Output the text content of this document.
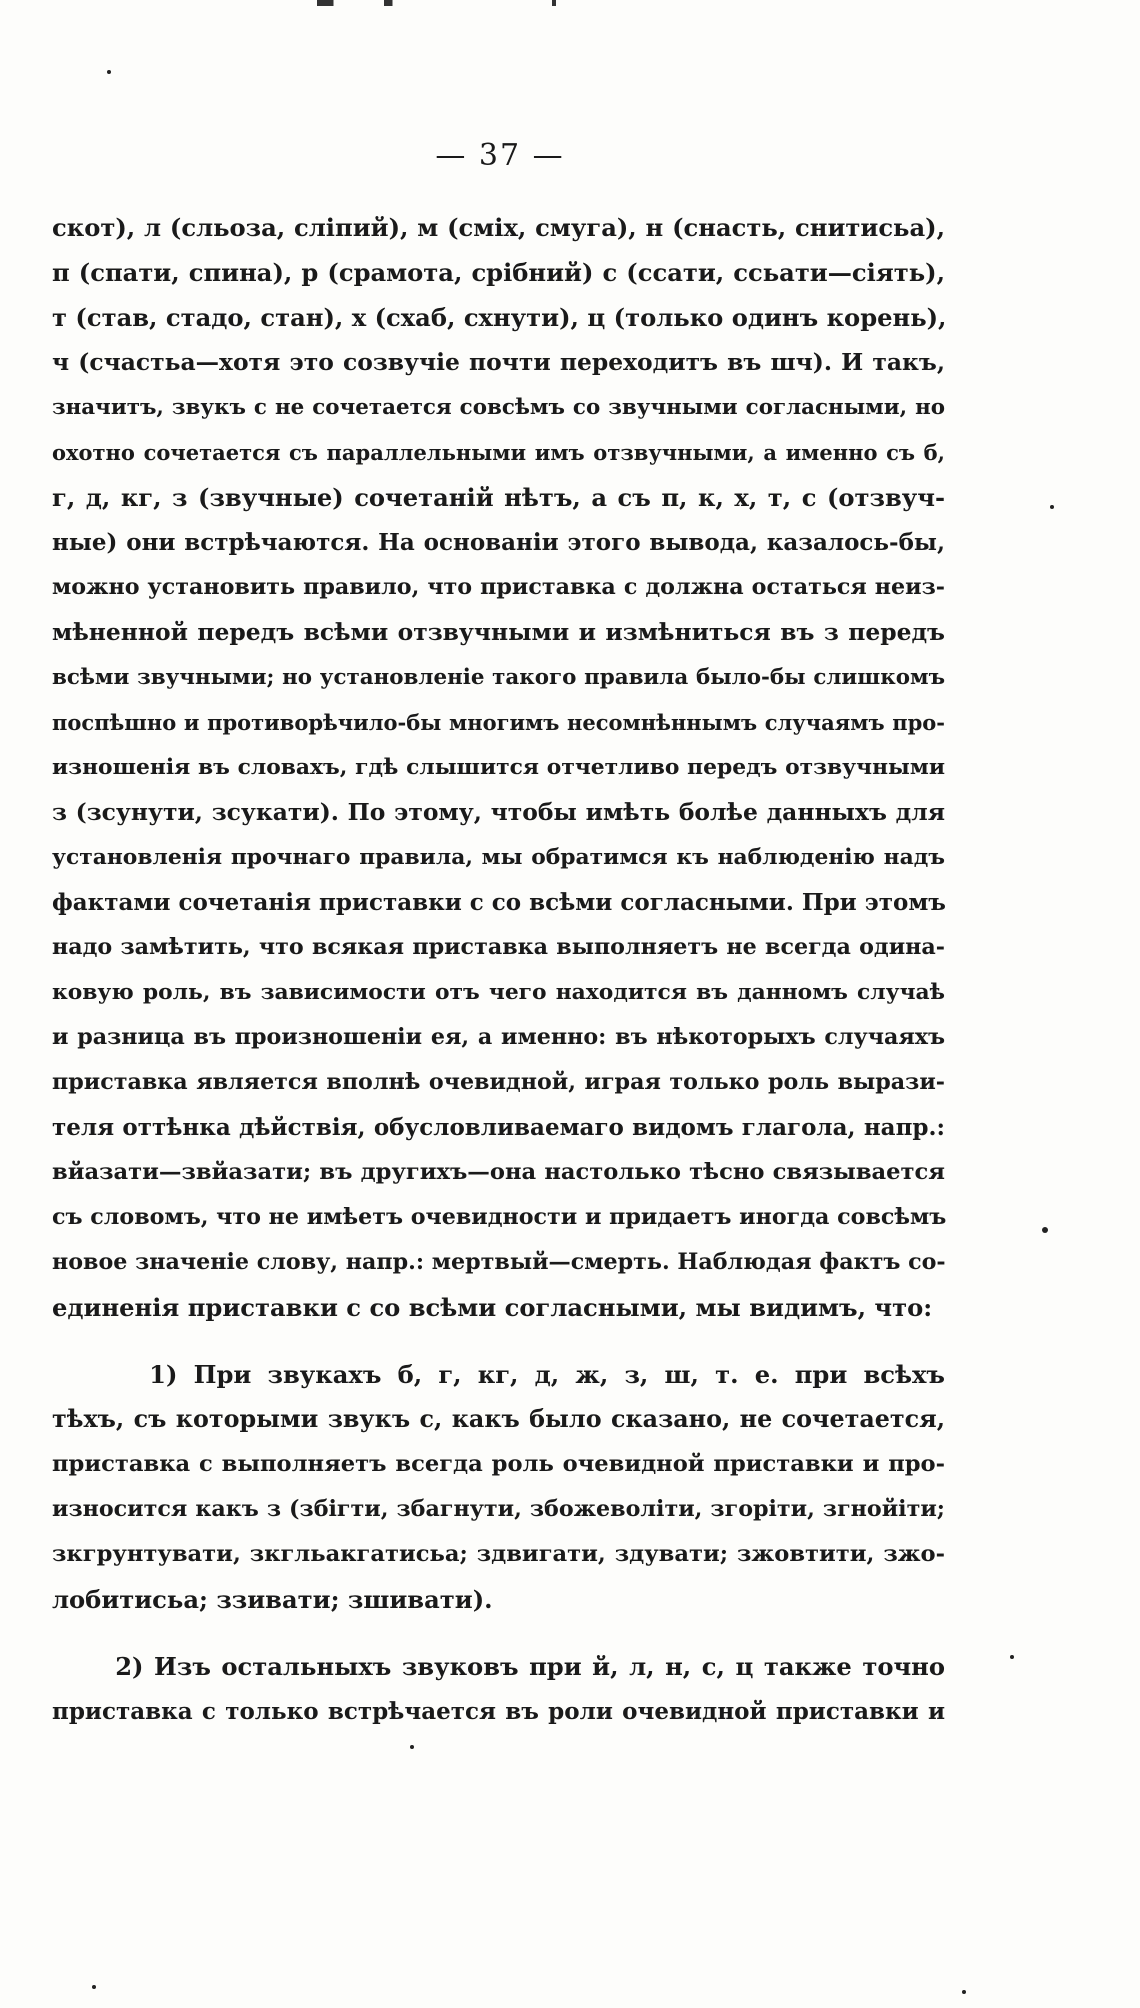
— 37 —
скот), л (сльоза, сліпий), м (сміх, смуга), н (снасть, снитисьа),
п (спати, спина), р (срамота, срібний) с (ссати, ссьати—сіять),
т (став, стадо, стан), х (схаб, схнути), ц (только одинъ корень),
ч (счастьа—хотя это созвучіе почти переходитъ въ шч). И такъ,
значитъ, звукъ с не сочетается совсѣмъ со звучными согласными, но
охотно сочетается съ параллельными имъ отзвучными, а именно съ б,
г, д, кг, з (звучные) сочетаній нѣтъ, а съ п, к, х, т, с (отзвуч-
ные) они встрѣчаются. На основаніи этого вывода, казалось-бы,
можно установить правило, что приставка с должна остаться неиз-
мѣненной передъ всѣми отзвучными и измѣниться въ з передъ
всѣми звучными; но установленіе такого правила было-бы слишкомъ
поспѣшно и противорѣчило-бы многимъ несомнѣннымъ случаямъ про-
изношенія въ словахъ, гдѣ слышится отчетливо передъ отзвучными
з (зсунути, зсукати). По этому, чтобы имѣть болѣе данныхъ для
установленія прочнаго правила, мы обратимся къ наблюденію надъ
фактами сочетанія приставки с со всѣми согласными. При этомъ
надо замѣтить, что всякая приставка выполняетъ не всегда одина-
ковую роль, въ зависимости отъ чего находится въ данномъ случаѣ
и разница въ произношеніи ея, а именно: въ нѣкоторыхъ случаяхъ
приставка является вполнѣ очевидной, играя только роль вырази-
теля оттѣнка дѣйствія, обусловливаемаго видомъ глагола, напр.:
вйазати—звйазати; въ другихъ—она настолько тѣсно связывается
съ словомъ, что не имѣетъ очевидности и придаетъ иногда совсѣмъ
новое значеніе слову, напр.: мертвый—смерть. Наблюдая фактъ со-
единенія приставки с со всѣми согласными, мы видимъ, что:
1) При звукахъ б, г, кг, д, ж, з, ш, т. е. при всѣхъ
тѣхъ, съ которыми звукъ с, какъ было сказано, не сочетается,
приставка с выполняетъ всегда роль очевидной приставки и про-
износится какъ з (збігти, збагнути, збожеволіти, згоріти, згнойіти;
зкгрунтувати, зкгльакгатисьа; здвигати, здувати; зжовтити, зжо-
лобитисьа; ззивати; зшивати).
2) Изъ остальныхъ звуковъ при й, л, н, с, ц также точно
приставка с только встрѣчается въ роли очевидной приставки и
